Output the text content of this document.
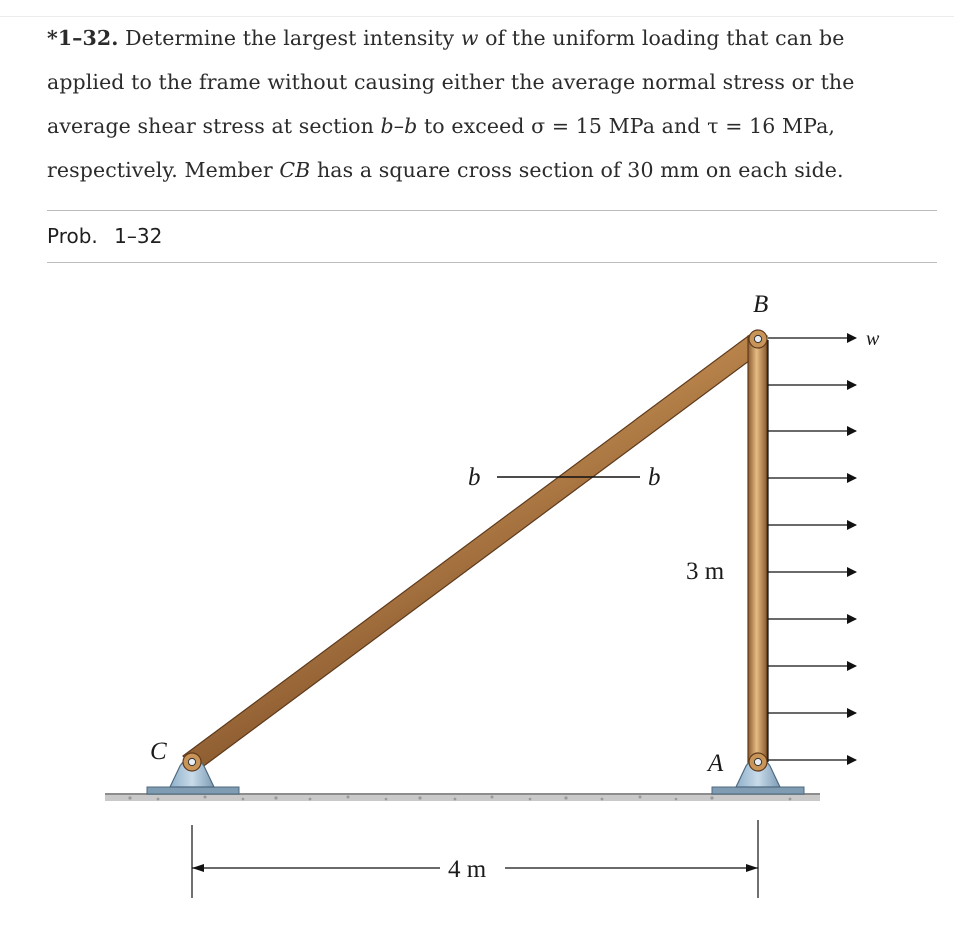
*1–32. Determine the largest intensity w of the uniform loading that can be
applied to the frame without causing either the average normal stress or the
average shear stress at section b–b to exceed σ = 15 MPa and τ = 16 MPa,
respectively. Member CB has a square cross section of 30 mm on each side.
Prob. 1–32
B
w
b	b
3 m
C	A
4 m
